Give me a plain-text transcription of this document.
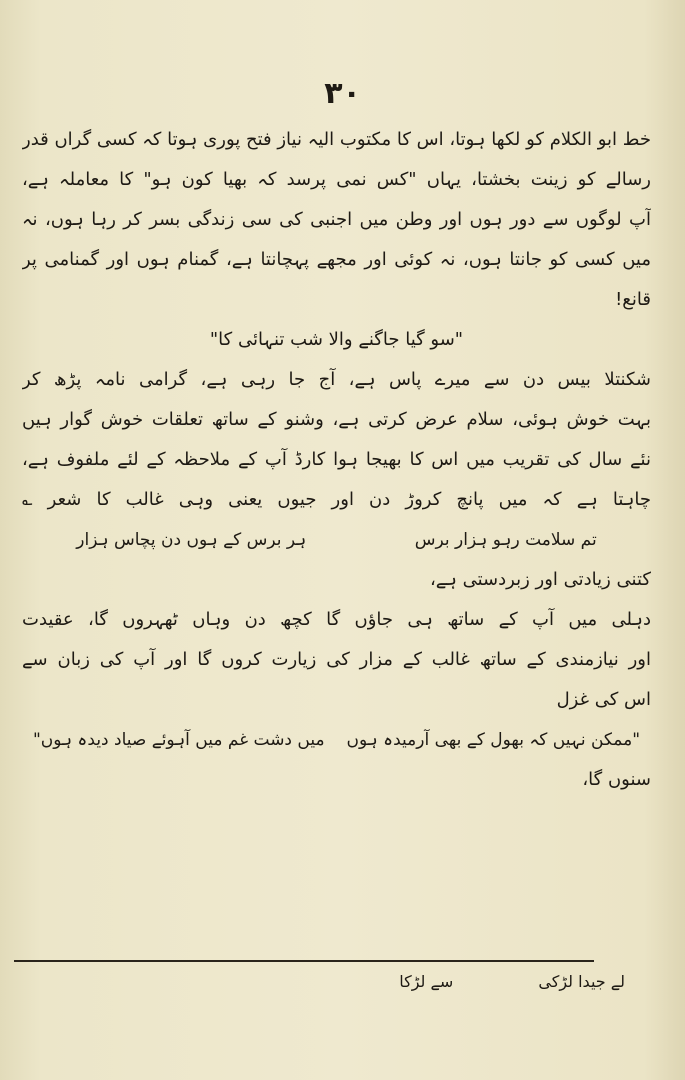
۳۰
خط ابو الکلام کو لکھا ہوتا، اس کا مکتوب الیہ نیاز فتح پوری ہوتا کہ کسی گراں قدر
رسالے کو زینت بخشتا، یہاں "کس نمی پرسد کہ بھیا کون ہو" کا معاملہ ہے،
آپ لوگوں سے دور ہوں اور وطن میں اجنبی کی سی زندگی بسر کر رہا ہوں، نہ
میں کسی کو جانتا ہوں، نہ کوئی اور مجھے پہچانتا ہے، گمنام ہوں اور گمنامی پر
قانع!
"سو گیا جاگنے والا شب تنہائی کا"
شکنتلا بیس دن سے میرے پاس ہے، آج جا رہی ہے، گرامی نامہ پڑھ کر
بہت خوش ہوئی، سلام عرض کرتی ہے، وشنو کے ساتھ تعلقات خوش گوار ہیں
نئے سال کی تقریب میں اس کا بھیجا ہوا کارڈ آپ کے ملاحظہ کے لئے ملفوف ہے،
چاہتا ہے کہ میں پانچ کروڑ دن اور جیوں یعنی وہی غالب کا شعر ؎
تم سلامت رہو ہزار برس
ہر برس کے ہوں دن پچاس ہزار
کتنی زیادتی اور زبردستی ہے،
دہلی میں آپ کے ساتھ ہی جاؤں گا کچھ دن وہاں ٹھہروں گا، عقیدت
اور نیازمندی کے ساتھ غالب کے مزار کی زیارت کروں گا اور آپ کی زبان سے
اس کی غزل
"ممکن نہیں کہ بھول کے بھی آرمیدہ ہوں
میں دشت غم میں آہوئے صیاد دیدہ ہوں"
سنوں گا،
لے جیدا لڑکی سے لڑکا
